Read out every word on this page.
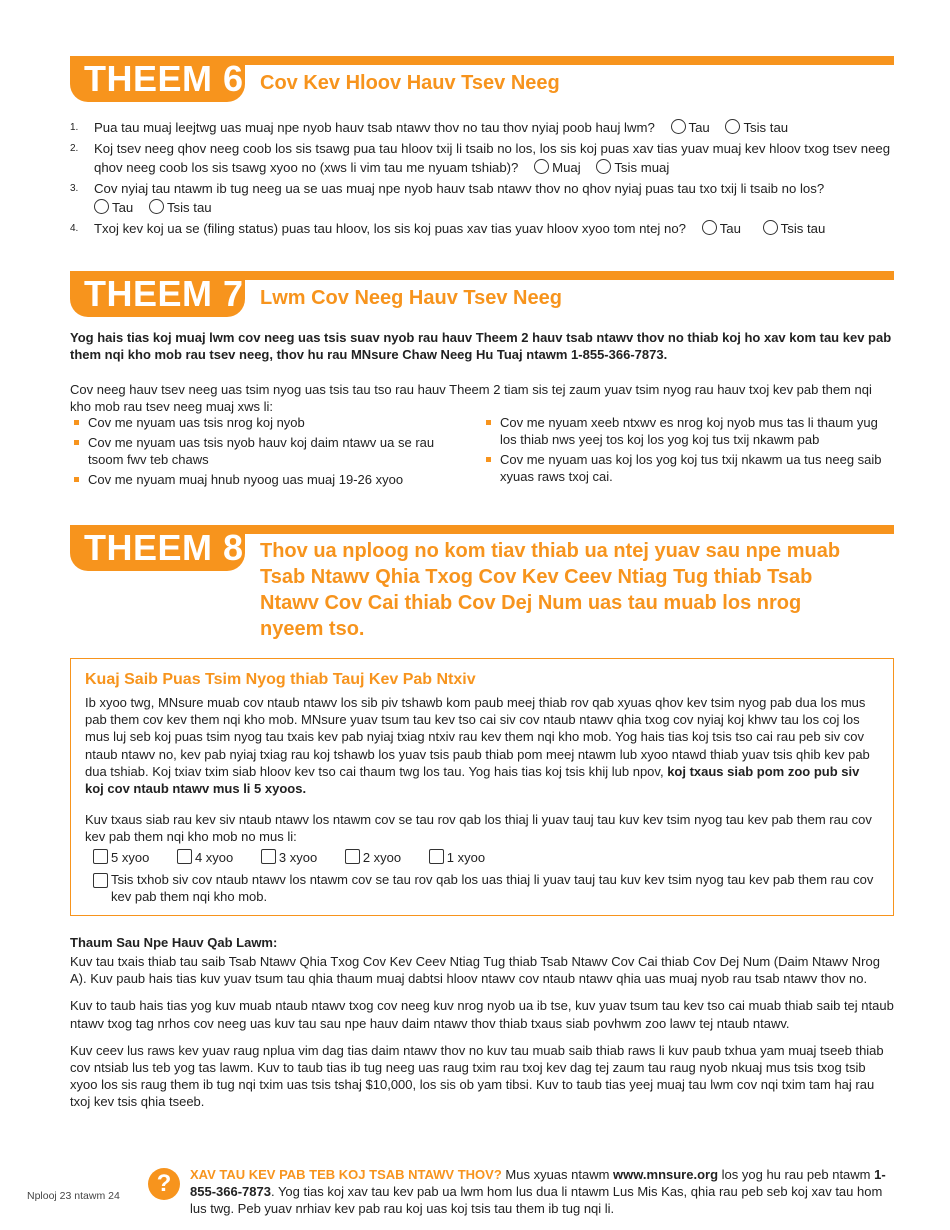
THEEM 6 Cov Kev Hloov Hauv Tsev Neeg
1. Pua tau muaj leejtwg uas muaj npe nyob hauv tsab ntawv thov no tau thov nyiaj poob hauj lwm?	Tau	Tsis tau
2. Koj tsev neeg qhov neeg coob los sis tsawg pua tau hloov txij li tsaib no los, los sis koj puas xav tias yuav muaj kev hloov txog tsev neeg qhov neeg coob los sis tsawg xyoo no (xws li vim tau me nyuam tshiab)?	Muaj	Tsis muaj
3. Cov nyiaj tau ntawm ib tug neeg ua se uas muaj npe nyob hauv tsab ntawv thov no qhov nyiaj puas tau txo txij li tsaib no los?
Tau	Tsis tau
4. Txoj kev koj ua se (filing status) puas tau hloov, los sis koj puas xav tias yuav hloov xyoo tom ntej no?	Tau	Tsis tau
THEEM 7 Lwm Cov Neeg Hauv Tsev Neeg

Yog hais tias koj muaj lwm cov neeg uas tsis suav nyob rau hauv Theem 2 hauv tsab ntawv thov no thiab koj ho xav kom tau kev pab them nqi kho mob rau tsev neeg, thov hu rau MNsure Chaw Neeg Hu Tuaj ntawm 1-855-366-7873.

Cov neeg hauv tsev neeg uas tsim nyog uas tsis tau tso rau hauv Theem 2 tiam sis tej zaum yuav tsim nyog rau hauv txoj kev pab them nqi kho mob rau tsev neeg muaj xws li:

Cov me nyuam uas tsis nrog koj nyob
Cov me nyuam uas tsis nyob hauv koj daim ntawv ua se rau tsoom fwv teb chaws
Cov me nyuam muaj hnub nyoog uas muaj 19-26 xyoo
Cov me nyuam xeeb ntxwv es nrog koj nyob mus tas li thaum yug los thiab nws yeej tos koj los yog koj tus txij nkawm pab
Cov me nyuam uas koj los yog koj tus txij nkawm ua tus neeg saib xyuas raws txoj cai.
THEEM 8 Thov ua nploog no kom tiav thiab ua ntej yuav sau npe muab Tsab Ntawv Qhia Txog Cov Kev Ceev Ntiag Tug thiab Tsab Ntawv Cov Cai thiab Cov Dej Num uas tau muab los nrog nyeem tso.
Kuaj Saib Puas Tsim Nyog thiab Tauj Kev Pab Ntxiv

Ib xyoo twg, MNsure muab cov ntaub ntawv los sib piv tshawb kom paub meej thiab rov qab xyuas qhov kev tsim nyog pab dua los mus pab them cov kev them nqi kho mob. MNsure yuav tsum tau kev tso cai siv cov ntaub ntawv qhia txog cov nyiaj koj khwv tau los coj los mus luj seb koj puas tsim nyog tau txais kev pab nyiaj txiag ntxiv rau kev them nqi kho mob. Yog hais tias koj tsis tso cai rau peb siv cov ntaub ntawv no, kev pab nyiaj txiag rau koj tshawb los yuav tsis paub thiab pom meej ntawm lub xyoo ntawd thiab yuav tsis qhib kev pab dua tshiab. Koj txiav txim siab hloov kev tso cai thaum twg los tau. Yog hais tias koj tsis khij lub npov, koj txaus siab pom zoo pub siv koj cov ntaub ntawv mus li 5 xyoos.

Kuv txaus siab rau kev siv ntaub ntawv los ntawm cov se tau rov qab los thiaj li yuav tauj tau kuv kev tsim nyog tau kev pab them rau cov kev pab them nqi kho mob no mus li:

5 xyoo	4 xyoo	3 xyoo	2 xyoo	1 xyoo
Tsis txhob siv cov ntaub ntawv los ntawm cov se tau rov qab los uas thiaj li yuav tauj tau kuv kev tsim nyog tau kev pab them rau cov kev pab them nqi kho mob.

Thaum Sau Npe Hauv Qab Lawm:

Kuv tau txais thiab tau saib Tsab Ntawv Qhia Txog Cov Kev Ceev Ntiag Tug thiab Tsab Ntawv Cov Cai thiab Cov Dej Num (Daim Ntawv Nrog A). Kuv paub hais tias kuv yuav tsum tau qhia thaum muaj dabtsi hloov ntawv cov ntaub ntawv qhia uas muaj nyob rau tsab ntawv thov no.

Kuv to taub hais tias yog kuv muab ntaub ntawv txog cov neeg kuv nrog nyob ua ib tse, kuv yuav tsum tau kev tso cai muab thiab saib tej ntaub ntawv txog tag nrhos cov neeg uas kuv tau sau npe hauv daim ntawv thov thiab txaus siab povhwm zoo lawv tej ntaub ntawv.

Kuv ceev lus raws kev yuav raug nplua vim dag tias daim ntawv thov no kuv tau muab saib thiab raws li kuv paub txhua yam muaj tseeb thiab cov ntsiab lus teb yog tas lawm. Kuv to taub tias ib tug neeg uas raug txim rau txoj kev dag tej zaum tau raug nyob nkuaj mus tsis txog tsib xyoo los sis raug them ib tug nqi txim uas tsis tshaj $10,000, los sis ob yam tibsi. Kuv to taub tias yeej muaj tau lwm cov nqi txim tam haj rau txoj kev tsis qhia tseeb.

Nplooj 23 ntawm 24	?	XAV TAU KEV PAB TEB KOJ TSAB NTAWV THOV? Mus xyuas ntawm www.mnsure.org los yog hu rau peb ntawm 1-855-366-7873. Yog tias koj xav tau kev pab ua lwm hom lus dua li ntawm Lus Mis Kas, qhia rau peb seb koj xav tau hom lus twg. Peb yuav nrhiav kev pab rau koj uas koj tsis tau them ib tug nqi li.
